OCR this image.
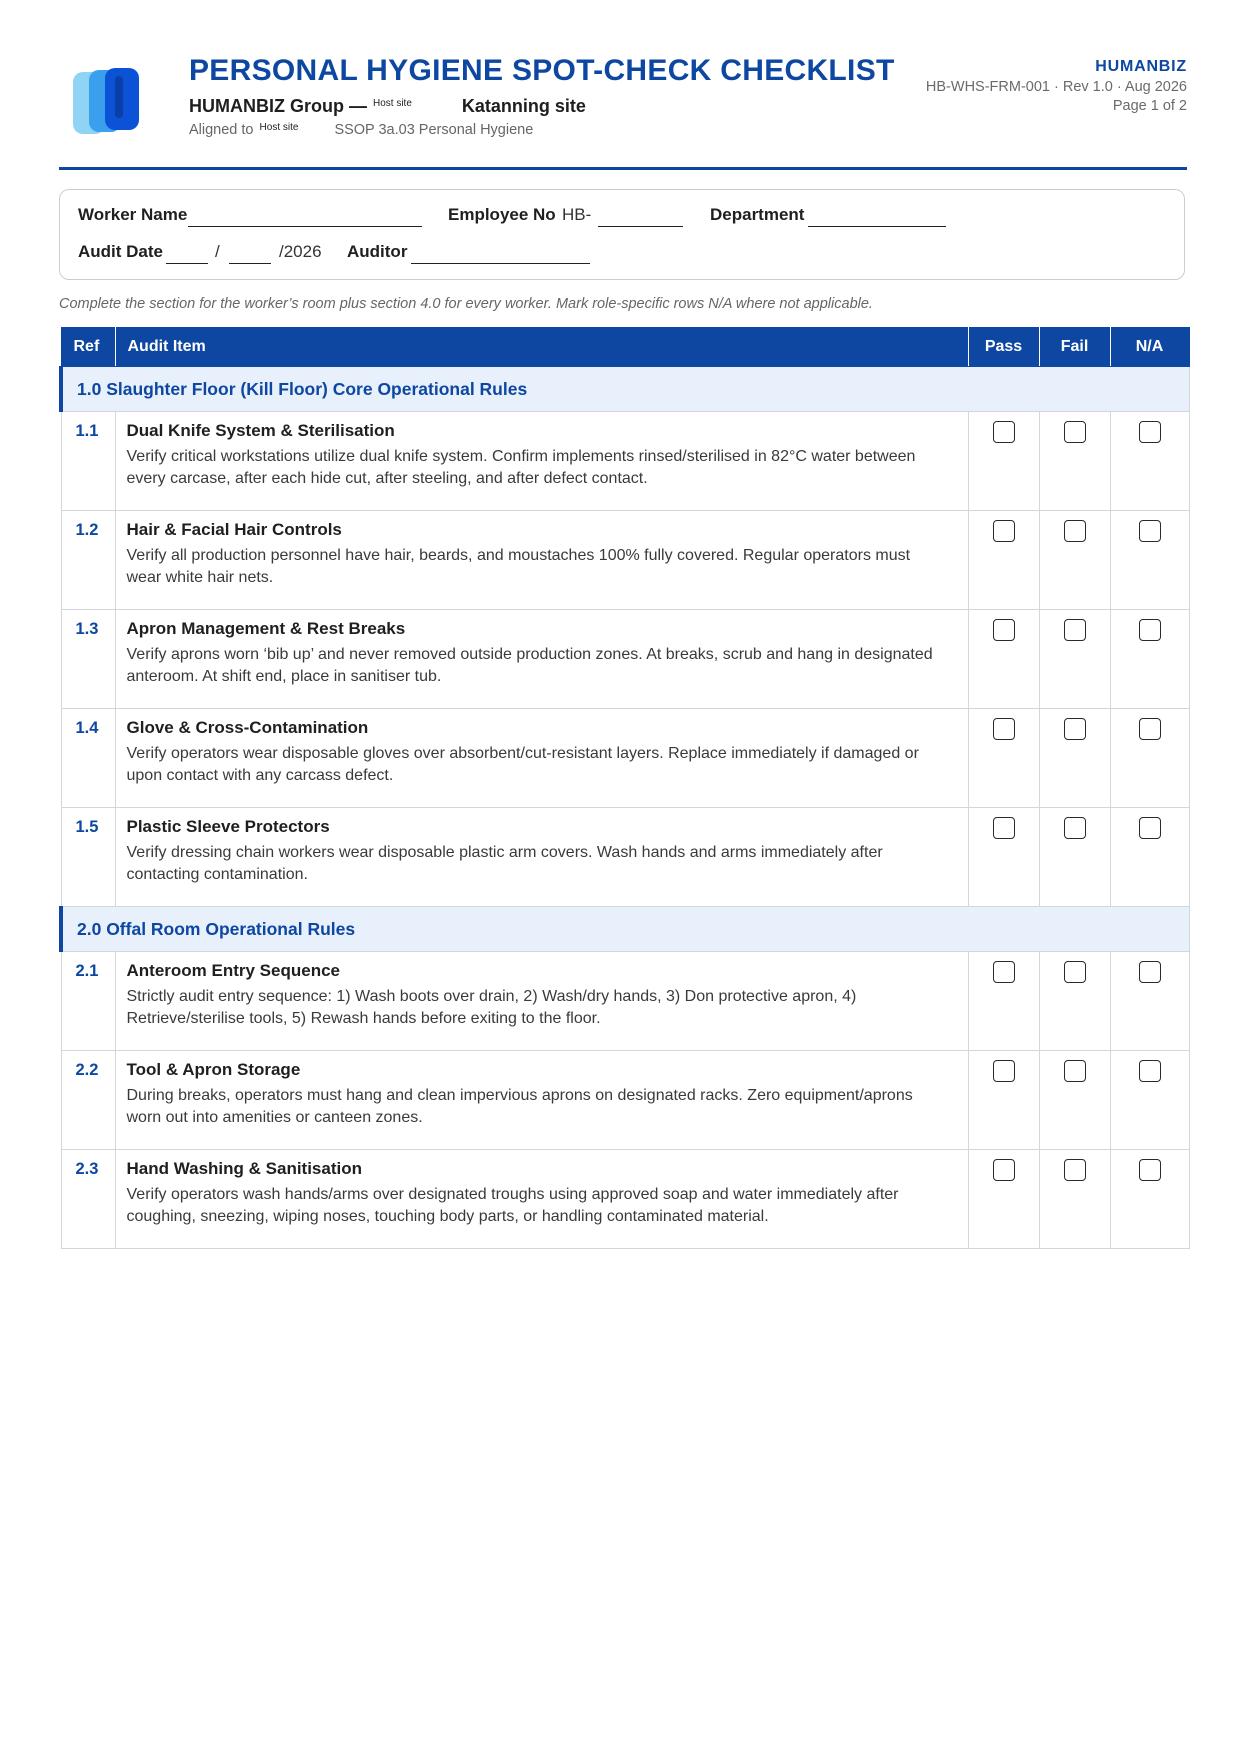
PERSONAL HYGIENE SPOT-CHECK CHECKLIST
HUMANBIZ Group — $^{Host site}$	Katanning site
Aligned to $^{Host site}$ SSOP 3a.03 Personal Hygiene
HUMANBIZ
HB-WHS-FRM-001 · Rev 1.0 · Aug 2026
Page 1 of 2
Worker Name	Employee No HB-	Department
Audit Date	/	/2026 Auditor
Complete the section for the worker’s room plus section 4.0 for every worker. Mark role-specific rows N/A where not applicable.
Ref	Audit Item	Pass	Fail	N/A
1.0 Slaughter Floor (Kill Floor) Core Operational Rules				
1.1	Dual Knife System & Sterilisation
Verify critical workstations utilize dual knife system. Confirm implements rinsed/sterilised in 82°C water between every carcase, after each hide cut, after steeling, and after defect contact.			

1.2	Hair & Facial Hair Controls
Verify all production personnel have hair, beards, and moustaches 100% fully covered. Regular operators must wear white hair nets.			

1.3	Apron Management & Rest Breaks
Verify aprons worn ‘bib up’ and never removed outside production zones. At breaks, scrub and hang in designated anteroom. At shift end, place in sanitiser tub.			

1.4	Glove & Cross-Contamination
Verify operators wear disposable gloves over absorbent/cut-resistant layers. Replace immediately if damaged or upon contact with any carcass defect.			

1.5	Plastic Sleeve Protectors
Verify dressing chain workers wear disposable plastic arm covers. Wash hands and arms immediately after contacting contamination.			

2.0 Offal Room Operational Rules				
2.1	Anteroom Entry Sequence
Strictly audit entry sequence: 1) Wash boots over drain, 2) Wash/dry hands, 3) Don protective apron, 4) Retrieve/sterilise tools, 5) Rewash hands before exiting to the floor.			

2.2	Tool & Apron Storage
During breaks, operators must hang and clean impervious aprons on designated racks. Zero equipment/aprons worn out into amenities or canteen zones.			

2.3	Hand Washing & Sanitisation
Verify operators wash hands/arms over designated troughs using approved soap and water immediately after coughing, sneezing, wiping noses, touching body parts, or handling contaminated material.			
